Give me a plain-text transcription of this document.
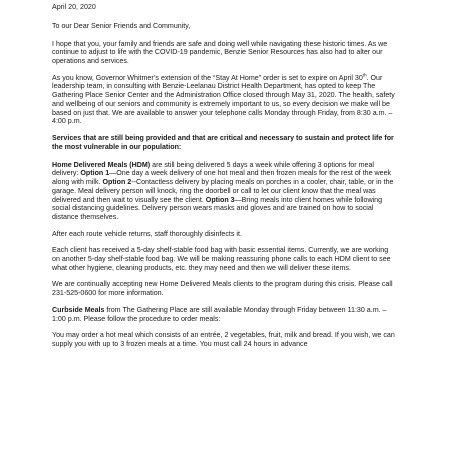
April 20, 2020

To our Dear Senior Friends and Community,

I hope that you, your family and friends are safe and doing well while navigating these historic times. As we continue to adjust to life with the COVID-19 pandemic, Benzie Senior Resources has also had to alter our operations and services.

As you know, Governor Whitmer’s extension of the “Stay At Home” order is set to expire on April 30th. Our leadership team, in consulting with Benzie-Leelanau District Health Department, has opted to keep The Gathering Place Senior Center and the Administration Office closed through May 31, 2020. The health, safety and wellbeing of our seniors and community is extremely important to us, so every decision we make will be based on just that. We are available to answer your telephone calls Monday through Friday, from 8:30 a.m. – 4:00 p.m.

Services that are still being provided and that are critical and necessary to sustain and protect life for the most vulnerable in our population:

Home Delivered Meals (HDM) are still being delivered 5 days a week while offering 3 options for meal delivery: Option 1—One day a week delivery of one hot meal and then frozen meals for the rest of the week along with milk. Option 2--Contactless delivery by placing meals on porches in a cooler, chair, table, or in the garage. Meal delivery person will knock, ring the doorbell or call to let our client know that the meal was delivered and then wait to visually see the client. Option 3—Bring meals into client homes while following social distancing guidelines. Delivery person wears masks and gloves and are trained on how to social distance themselves.

After each route vehicle returns, staff thoroughly disinfects it.

Each client has received a 5-day shelf-stable food bag with basic essential items. Currently, we are working on another 5-day shelf-stable food bag. We will be making reassuring phone calls to each HDM client to see what other hygiene, cleaning products, etc. they may need and then we will deliver these items.

We are continually accepting new Home Delivered Meals clients to the program during this crisis. Please call 231-525-0600 for more information.

Curbside Meals from The Gathering Place are still available Monday through Friday between 11:30 a.m. – 1:00 p.m. Please follow the procedure to order meals:

You may order a hot meal which consists of an entrée, 2 vegetables, fruit, milk and bread. If you wish, we can supply you with up to 3 frozen meals at a time. You must call 24 hours in advance
